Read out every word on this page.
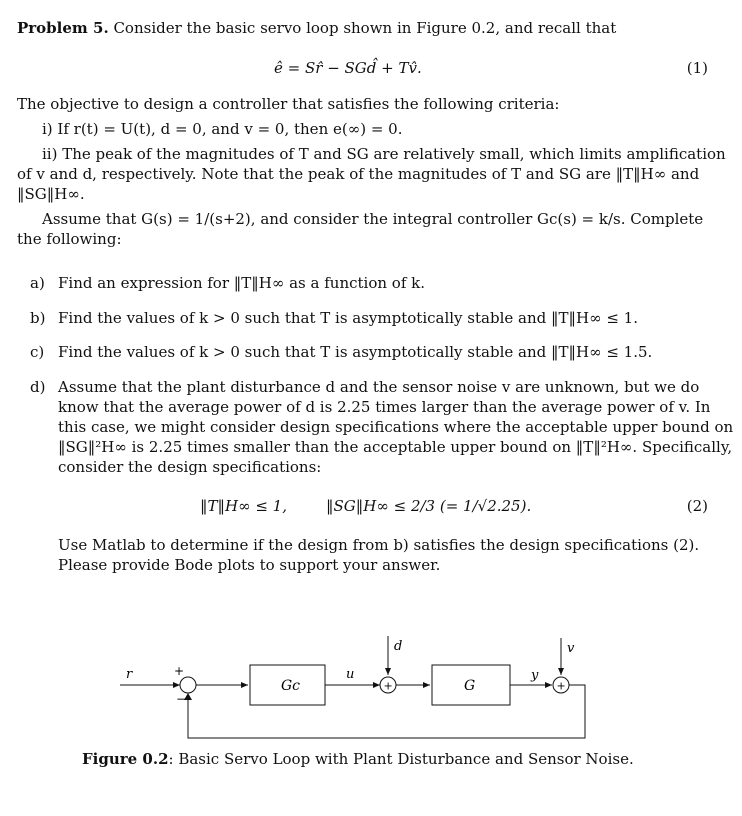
Problem 5. Consider the basic servo loop shown in Figure 0.2, and recall that
ê = Sr̂ − SGd̂ + Tv̂.	(1)
The objective to design a controller that satisfies the following criteria:
i) If r(t) = U(t), d = 0, and v = 0, then e(∞) = 0.
ii) The peak of the magnitudes of T and SG are relatively small, which limits amplification
of v and d, respectively. Note that the peak of the magnitudes of T and SG are ‖T‖H∞ and
‖SG‖H∞.
Assume that G(s) = 1/(s+2), and consider the integral controller Gc(s) = k/s. Complete
the following:
a) Find an expression for ‖T‖H∞ as a function of k.
b) Find the values of k > 0 such that T is asymptotically stable and ‖T‖H∞ ≤ 1.
c) Find the values of k > 0 such that T is asymptotically stable and ‖T‖H∞ ≤ 1.5.
d) Assume that the plant disturbance d and the sensor noise v are unknown, but we do
know that the average power of d is 2.25 times larger than the average power of v. In
this case, we might consider design specifications where the acceptable upper bound on
‖SG‖²H∞ is 2.25 times smaller than the acceptable upper bound on ‖T‖²H∞. Specifically,
consider the design specifications:
‖T‖H∞ ≤ 1,	‖SG‖H∞ ≤ 2/3 (= 1/√2.25).	(2)
Use Matlab to determine if the design from b) satisfies the design specifications (2).
Please provide Bode plots to support your answer.
r	+
−
Gc
u
+
d
G
y
+
v
Figure 0.2: Basic Servo Loop with Plant Disturbance and Sensor Noise.
